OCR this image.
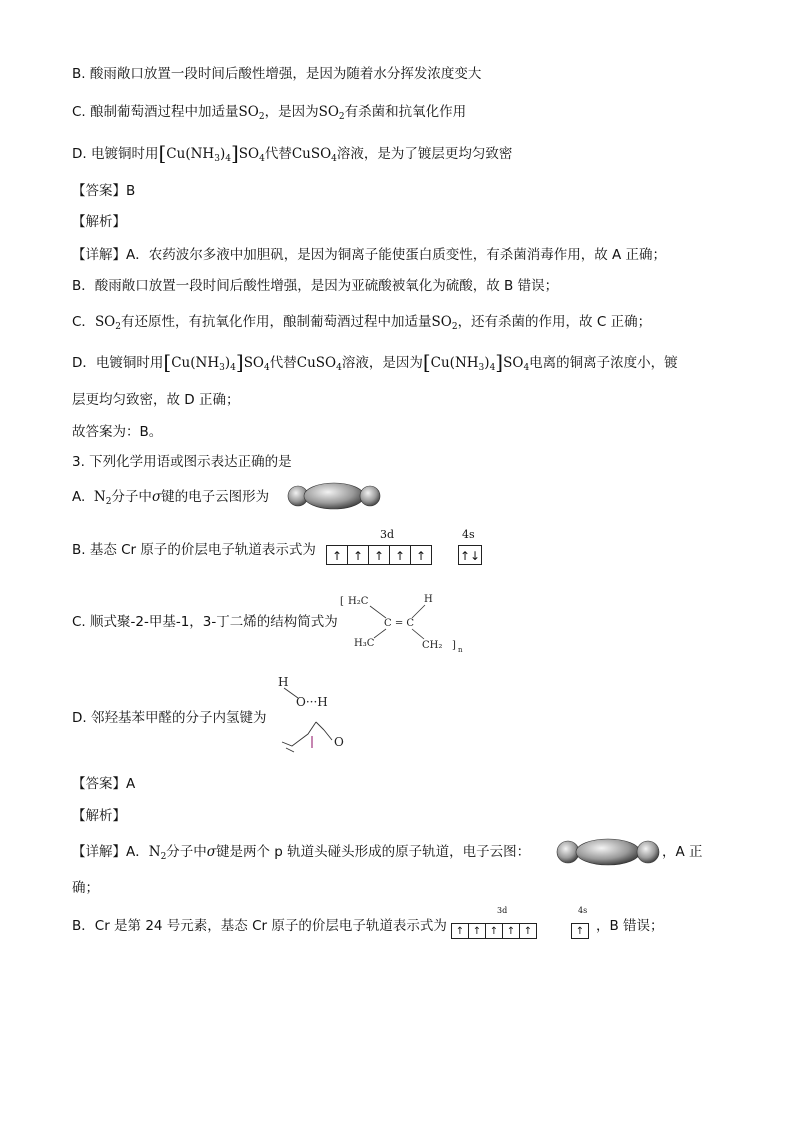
B. 酸雨敞口放置一段时间后酸性增强，是因为随着水分挥发浓度变大
C. 酿制葡萄酒过程中加适量$SO_2$，是因为$SO_2$有杀菌和抗氧化作用
D. 电镀铜时用$[Cu(NH_3)_4]SO_4$代替CuSO$_4$溶液，是为了镀层更均匀致密
【答案】B
【解析】
【详解】A．农药波尔多液中加胆矾，是因为铜离子能使蛋白质变性，有杀菌消毒作用，故 A 正确；
B．酸雨敞口放置一段时间后酸性增强，是因为亚硫酸被氧化为硫酸，故 B 错误；
C．$SO_2$有还原性，有抗氧化作用，酿制葡萄酒过程中加适量$SO_2$，还有杀菌的作用，故 C 正确；
D．电镀铜时用$[Cu(NH_3)_4]SO_4$代替CuSO$_4$溶液，是因为$[Cu(NH_3)_4]SO_4$电离的铜离子浓度小，镀
层更均匀致密，故 D 正确；
故答案为：B。
3. 下列化学用语或图示表达正确的是
A. $N_2$分子中σ键的电子云图形为
B. 基态 Cr 原子的价层电子轨道表示式为
3d	4s
↑ ↑ ↑ ↑ ↑	↑↓
C. 顺式聚-2-甲基-1，3-丁二烯的结构简式为
[ H₂C	H
C = C
H₃C	CH₂ ] n
D. 邻羟基苯甲醛的分子内氢键为
H
O···H
O
【答案】A
【解析】
【详解】A．$N_2$分子中σ键是两个 p 轨道头碰头形成的原子轨道，电子云图：	，A 正
确；
B．Cr 是第 24 号元素，基态 Cr 原子的价层电子轨道表示式为
3d	4s
↑ ↑ ↑ ↑ ↑	↑ ，B 错误；
